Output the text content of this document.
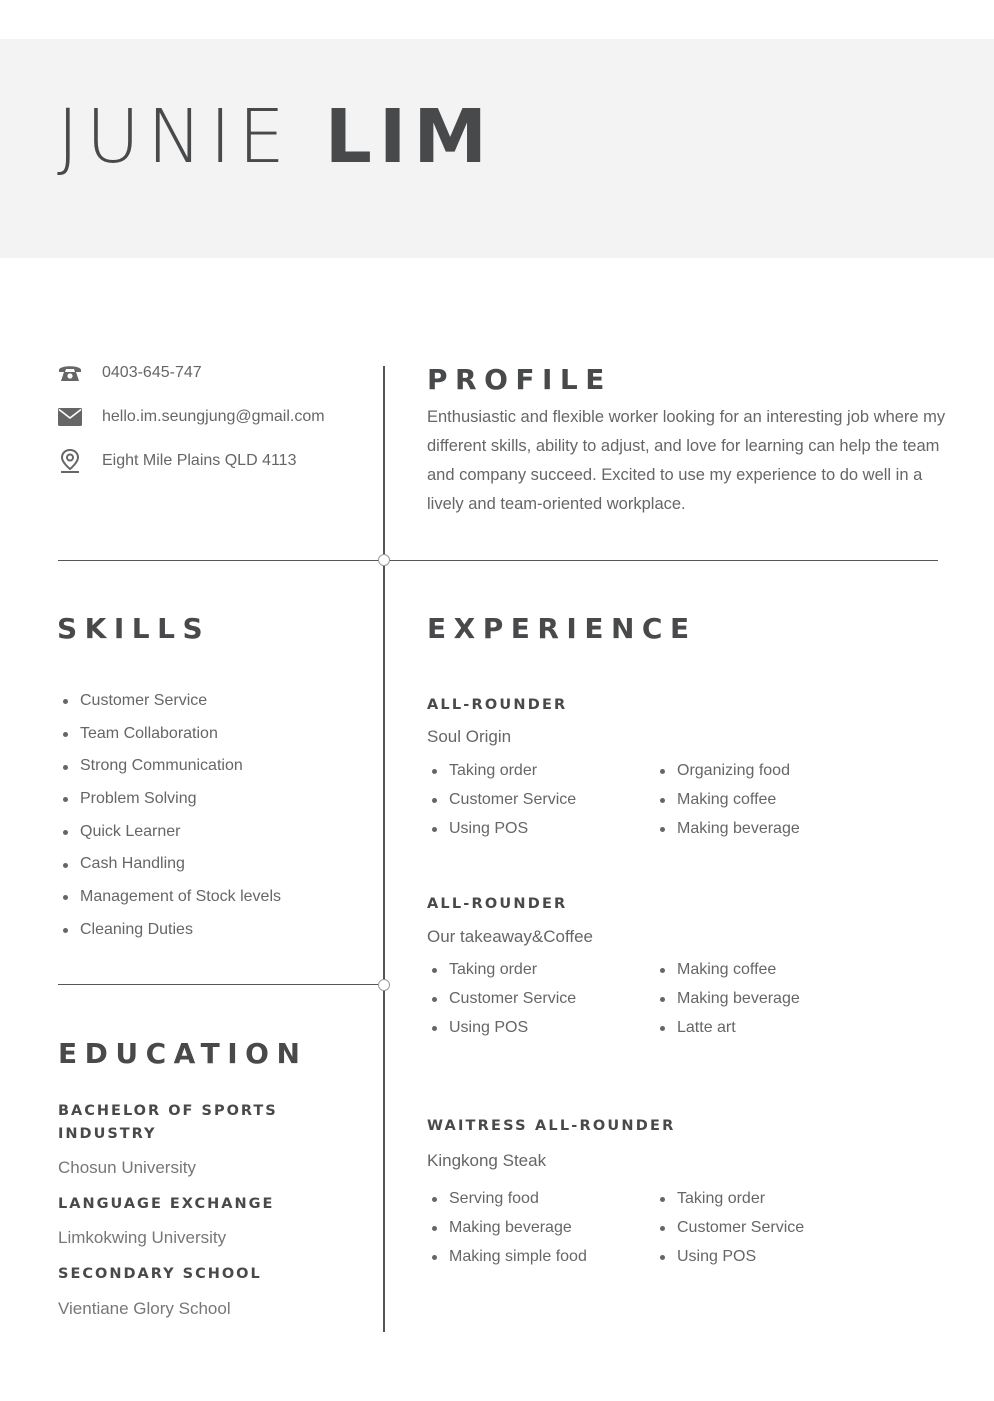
JUNIE LIM
0403-645-747
hello.im.seungjung@gmail.com
Eight Mile Plains QLD 4113
PROFILE

Enthusiastic and flexible worker looking for an interesting job where my different skills, ability to adjust, and love for learning can help the team and company succeed. Excited to use my experience to do well in a lively and team-oriented workplace.

SKILLS
Customer Service
Team Collaboration
Strong Communication
Problem Solving
Quick Learner
Cash Handling
Management of Stock levels
Cleaning Duties
EDUCATION
BACHELOR OF SPORTS INDUSTRY
Chosun University
LANGUAGE EXCHANGE
Limkokwing University
SECONDARY SCHOOL
Vientiane Glory School
EXPERIENCE
ALL-ROUNDER
Soul Origin
Taking order
Customer Service
Using POS
Organizing food
Making coffee
Making beverage
ALL-ROUNDER
Our takeaway&Coffee
Taking order
Customer Service
Using POS
Making coffee
Making beverage
Latte art
WAITRESS ALL-ROUNDER
Kingkong Steak
Serving food
Making beverage
Making simple food
Taking order
Customer Service
Using POS
